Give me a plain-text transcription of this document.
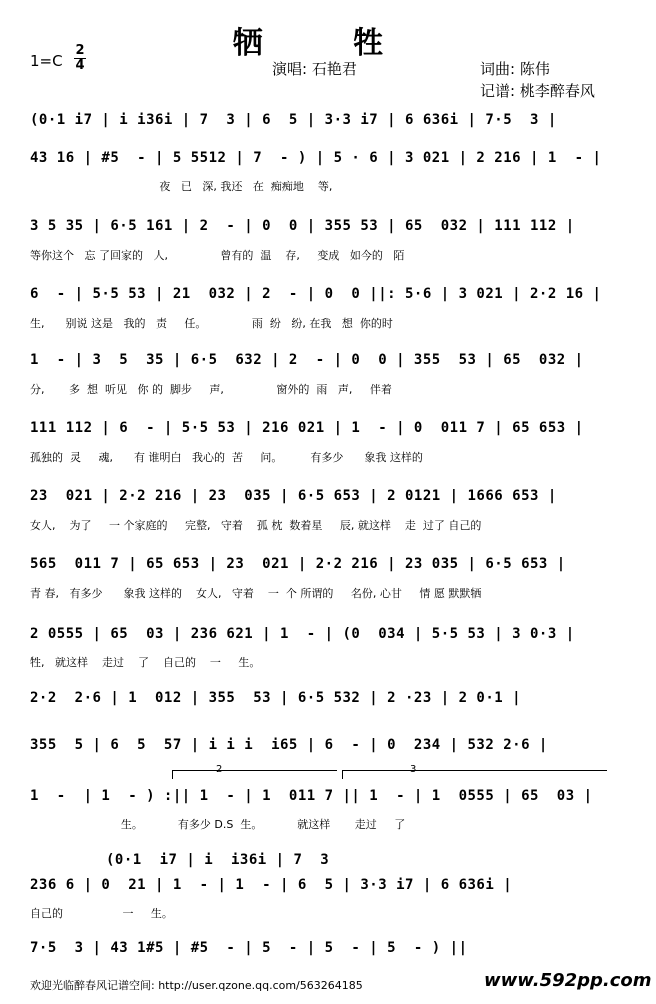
牺 牲
1=C
2
4	演唱: 石艳君	词曲: 陈伟
记谱: 桃李醉春风
(0·1 i7 | i i36i | 7  3 | 6  5 | 3·3 i7 | 6 636i | 7·5  3 |
43 16 | #5  - | 5 5512 | 7  - ) | 5 · 6 | 3 021 | 2 216 | 1  - |
夜   已   深, 我还   在  痴痴地    等,
3 5 35 | 6·5 161 | 2  - | 0  0 | 355 53 | 65  032 | 111 112 |
等你这个   忘 了回家的   人,               曾有的  温    存,     变成   如今的   陌
6  - | 5·5 53 | 21  032 | 2  - | 0  0 ||: 5·6 | 3 021 | 2·2 16 |
生,      别说 这是   我的   责     任。             雨  纷   纷, 在我   想  你的时
1  - | 3  5  35 | 6·5  632 | 2  - | 0  0 | 355  53 | 65  032 |
分,       多  想  听见   你 的  脚步     声,               窗外的  雨   声,     伴着
111 112 | 6  - | 5·5 53 | 216 021 | 1  - | 0  011 7 | 65 653 |
孤独的  灵     魂,      有 谁明白   我心的  苦     问。        有多少      象我 这样的
23  021 | 2·2 216 | 23  035 | 6·5 653 | 2 0121 | 1666 653 |
女人,    为了     一 个家庭的     完整,   守着    孤 枕  数着星     辰, 就这样    走  过了 自己的
565  011 7 | 65 653 | 23  021 | 2·2 216 | 23 035 | 6·5 653 |
青 春,   有多少      象我 这样的    女人,   守着    一  个 所谓的     名份, 心甘     情 愿 默默牺
2 0555 | 65  03 | 236 621 | 1  - | (0  034 | 5·5 53 | 3 0·3 |
牲,   就这样    走过    了    自己的    一     生。
2·2  2·6 | 1  012 | 355  53 | 6·5 532 | 2 ·23 | 2 0·1 |
355  5 | 6  5  57 | i i i  i65 | 6  - | 0  234 | 532 2·6 |
2	3
1  -  | 1  - ) :|| 1  - | 1  011 7 || 1  - | 1  0555 | 65  03 |
生。          有多少 D.S  生。          就这样       走过     了
(0·1  i7 | i  i36i | 7  3
236 6 | 0  21 | 1  - | 1  - | 6  5 | 3·3 i7 | 6 636i |
自己的                 一     生。
7·5  3 | 43 1#5 | #5  - | 5  - | 5  - | 5  - ) ||
欢迎光临醉春风记谱空间: http://user.qzone.qq.com/563264185	www.592pp.com
